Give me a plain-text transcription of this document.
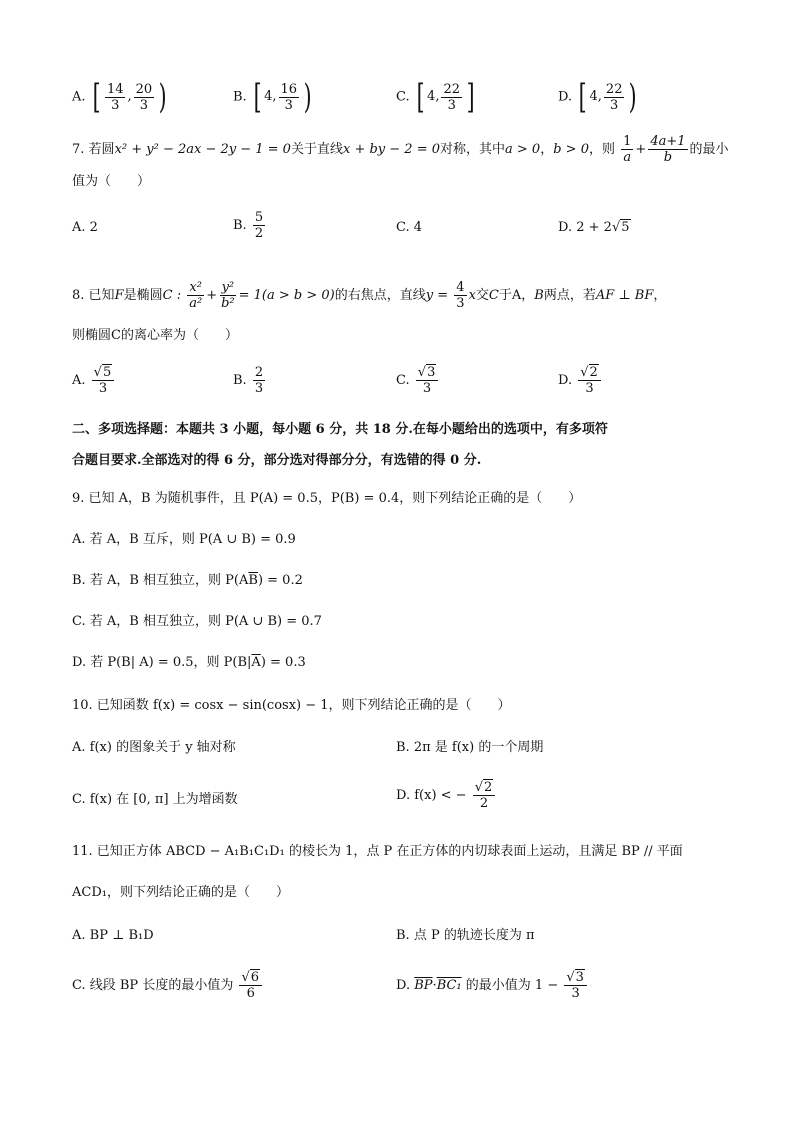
A. [ $\frac{14}{3}$ , $\frac{20}{3}$ )	B. [ 4 , $\frac{16}{3}$ )	C. [ 4 , $\frac{22}{3}$ ]	D. [ 4 , $\frac{22}{3}$ )
7. 若圆x² + y² − 2ax − 2y − 1 = 0关于直线x + by − 2 = 0对称，其中a > 0，b > 0，则 $\frac{1}{a} + \frac{4a+1}{b}$ 的最小
值为（　　）
A. 2	B. $\frac{5}{2}$	C. 4	D. 2 + 2√5
8. 已知F是椭圆C : $\frac{\text{x²}}{\text{a²}} + \frac{\text{y²}}{\text{b²}} = 1(a > b > 0)$的右焦点，直线$y = \frac{4}{3}$ x交C于A，B两点，若AF ⊥ BF，
则椭圆C的离心率为（　　）
A. $\frac{√5}{3}$	B. $\frac{2}{3}$	C. $\frac{√3}{3}$	D. $\frac{√2}{3}$
二、多项选择题：本题共 3 小题，每小题 6 分，共 18 分.在每小题给出的选项中，有多项符
合题目要求.全部选对的得 6 分，部分选对得部分分，有选错的得 0 分.
9. 已知 A，B 为随机事件，且 P(A) = 0.5，P(B) = 0.4，则下列结论正确的是（　　）
A. 若 A，B 互斥，则 P(A ∪ B) = 0.9
B. 若 A，B 相互独立，则 $P(A\overline{B}) = 0.2$
C. 若 A，B 相互独立，则 P(A ∪ B) = 0.7
D. 若 P(B| A) = 0.5，则 $P(B|\overline{A}) = 0.3$
10. 已知函数 f(x) = cosx − sin(cosx) − 1，则下列结论正确的是（　　）
A. f(x) 的图象关于 y 轴对称	B. 2π 是 f(x) 的一个周期
C. f(x) 在 [0, π] 上为增函数	D. f(x) < − $\frac{√2}{2}$
11. 已知正方体 ABCD − A₁B₁C₁D₁ 的棱长为 1，点 P 在正方体的内切球表面上运动，且满足 BP // 平面
ACD₁，则下列结论正确的是（　　）
A. BP ⊥ B₁D	B. 点 P 的轨迹长度为 π
C. 线段 BP 长度的最小值为 $\frac{√6}{6}$	D. $\overline{BP}\cdot BC_1$ 的最小值为 $1 - \frac{√3}{3}$
